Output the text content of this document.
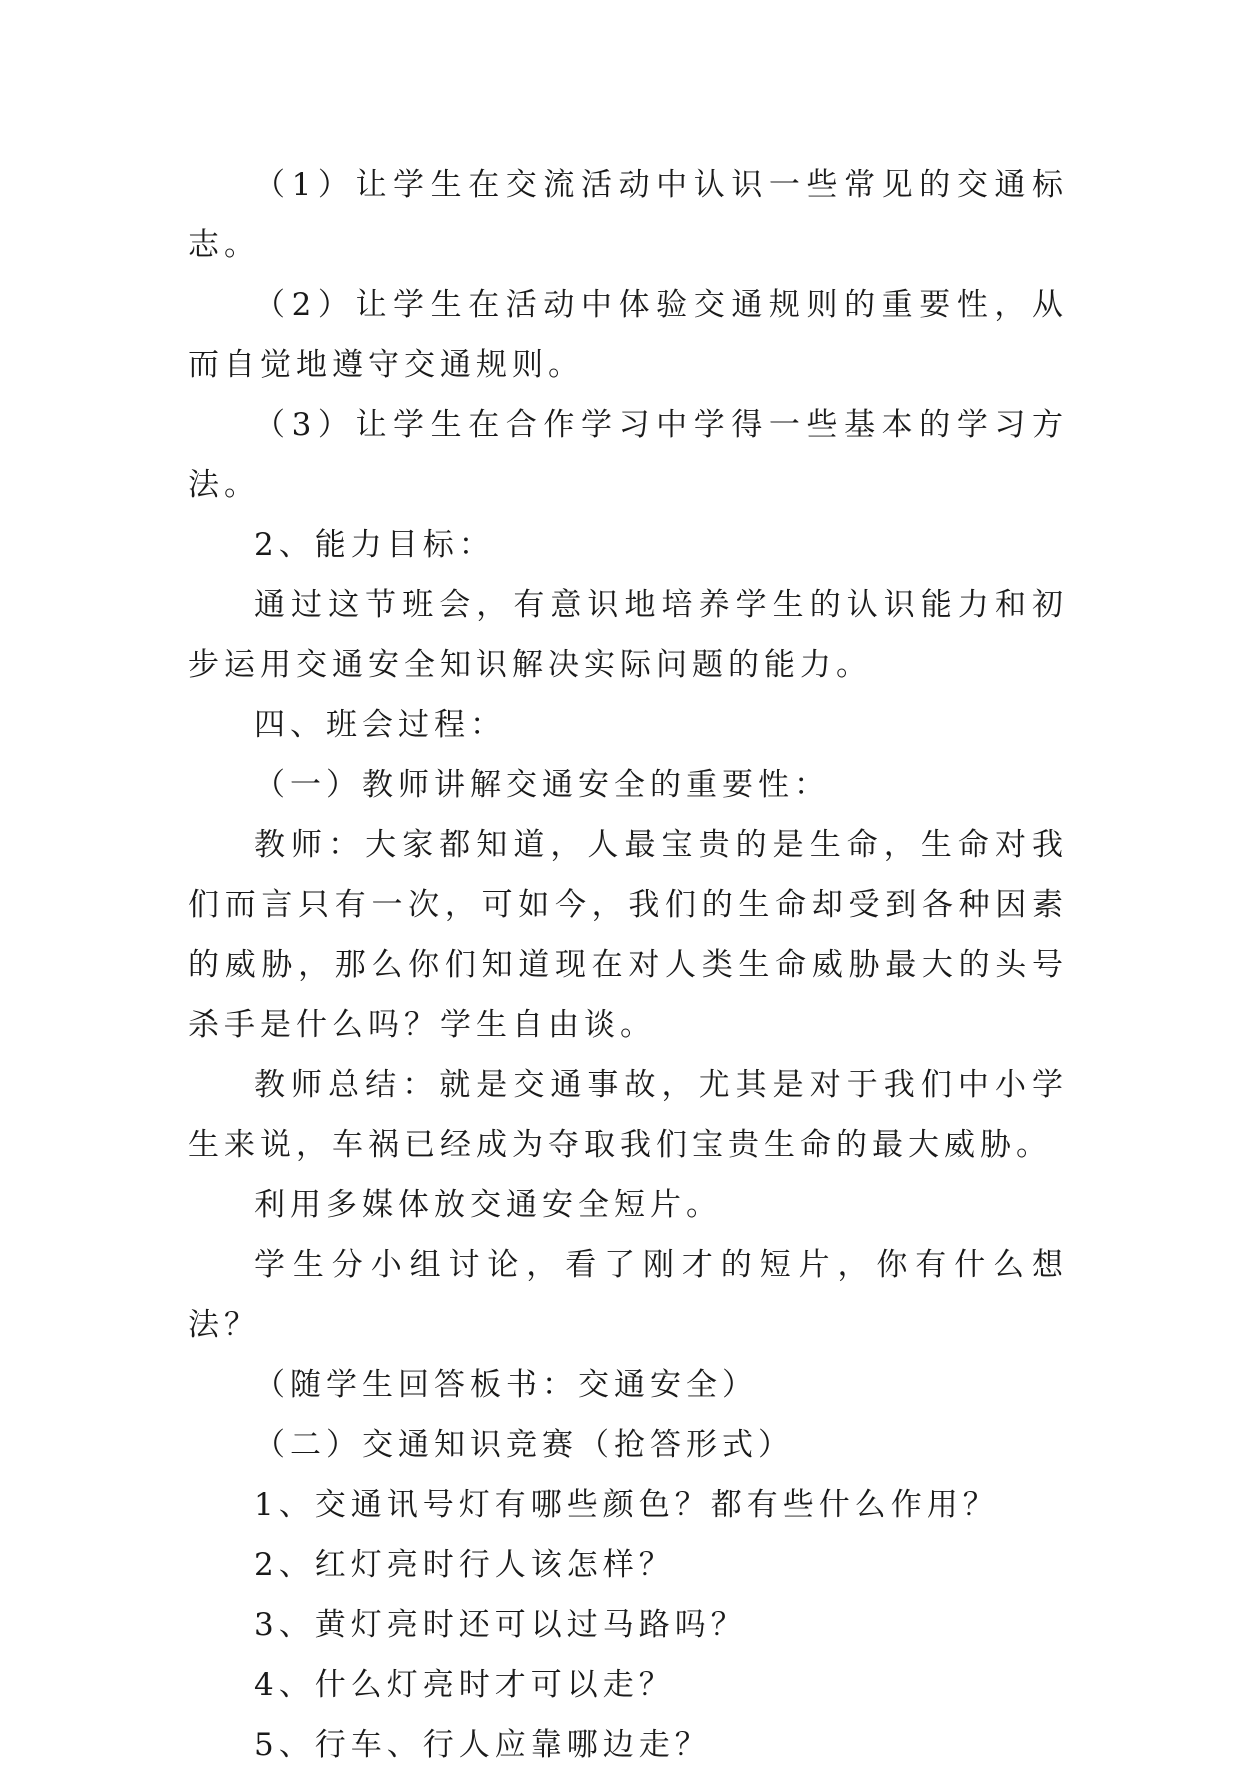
（1）让学生在交流活动中认识一些常见的交通标志。

（2）让学生在活动中体验交通规则的重要性，从而自觉地遵守交通规则。

（3）让学生在合作学习中学得一些基本的学习方法。

2、能力目标：

通过这节班会，有意识地培养学生的认识能力和初步运用交通安全知识解决实际问题的能力。

四、班会过程：

（一）教师讲解交通安全的重要性：

教师：大家都知道，人最宝贵的是生命，生命对我们而言只有一次，可如今，我们的生命却受到各种因素的威胁，那么你们知道现在对人类生命威胁最大的头号杀手是什么吗？学生自由谈。

教师总结：就是交通事故，尤其是对于我们中小学生来说，车祸已经成为夺取我们宝贵生命的最大威胁。

利用多媒体放交通安全短片。

学生分小组讨论，看了刚才的短片，你有什么想法？

（随学生回答板书：交通安全）

（二）交通知识竞赛（抢答形式）

1、交通讯号灯有哪些颜色？都有些什么作用？

2、红灯亮时行人该怎样？

3、黄灯亮时还可以过马路吗？

4、什么灯亮时才可以走？

5、行车、行人应靠哪边走？
